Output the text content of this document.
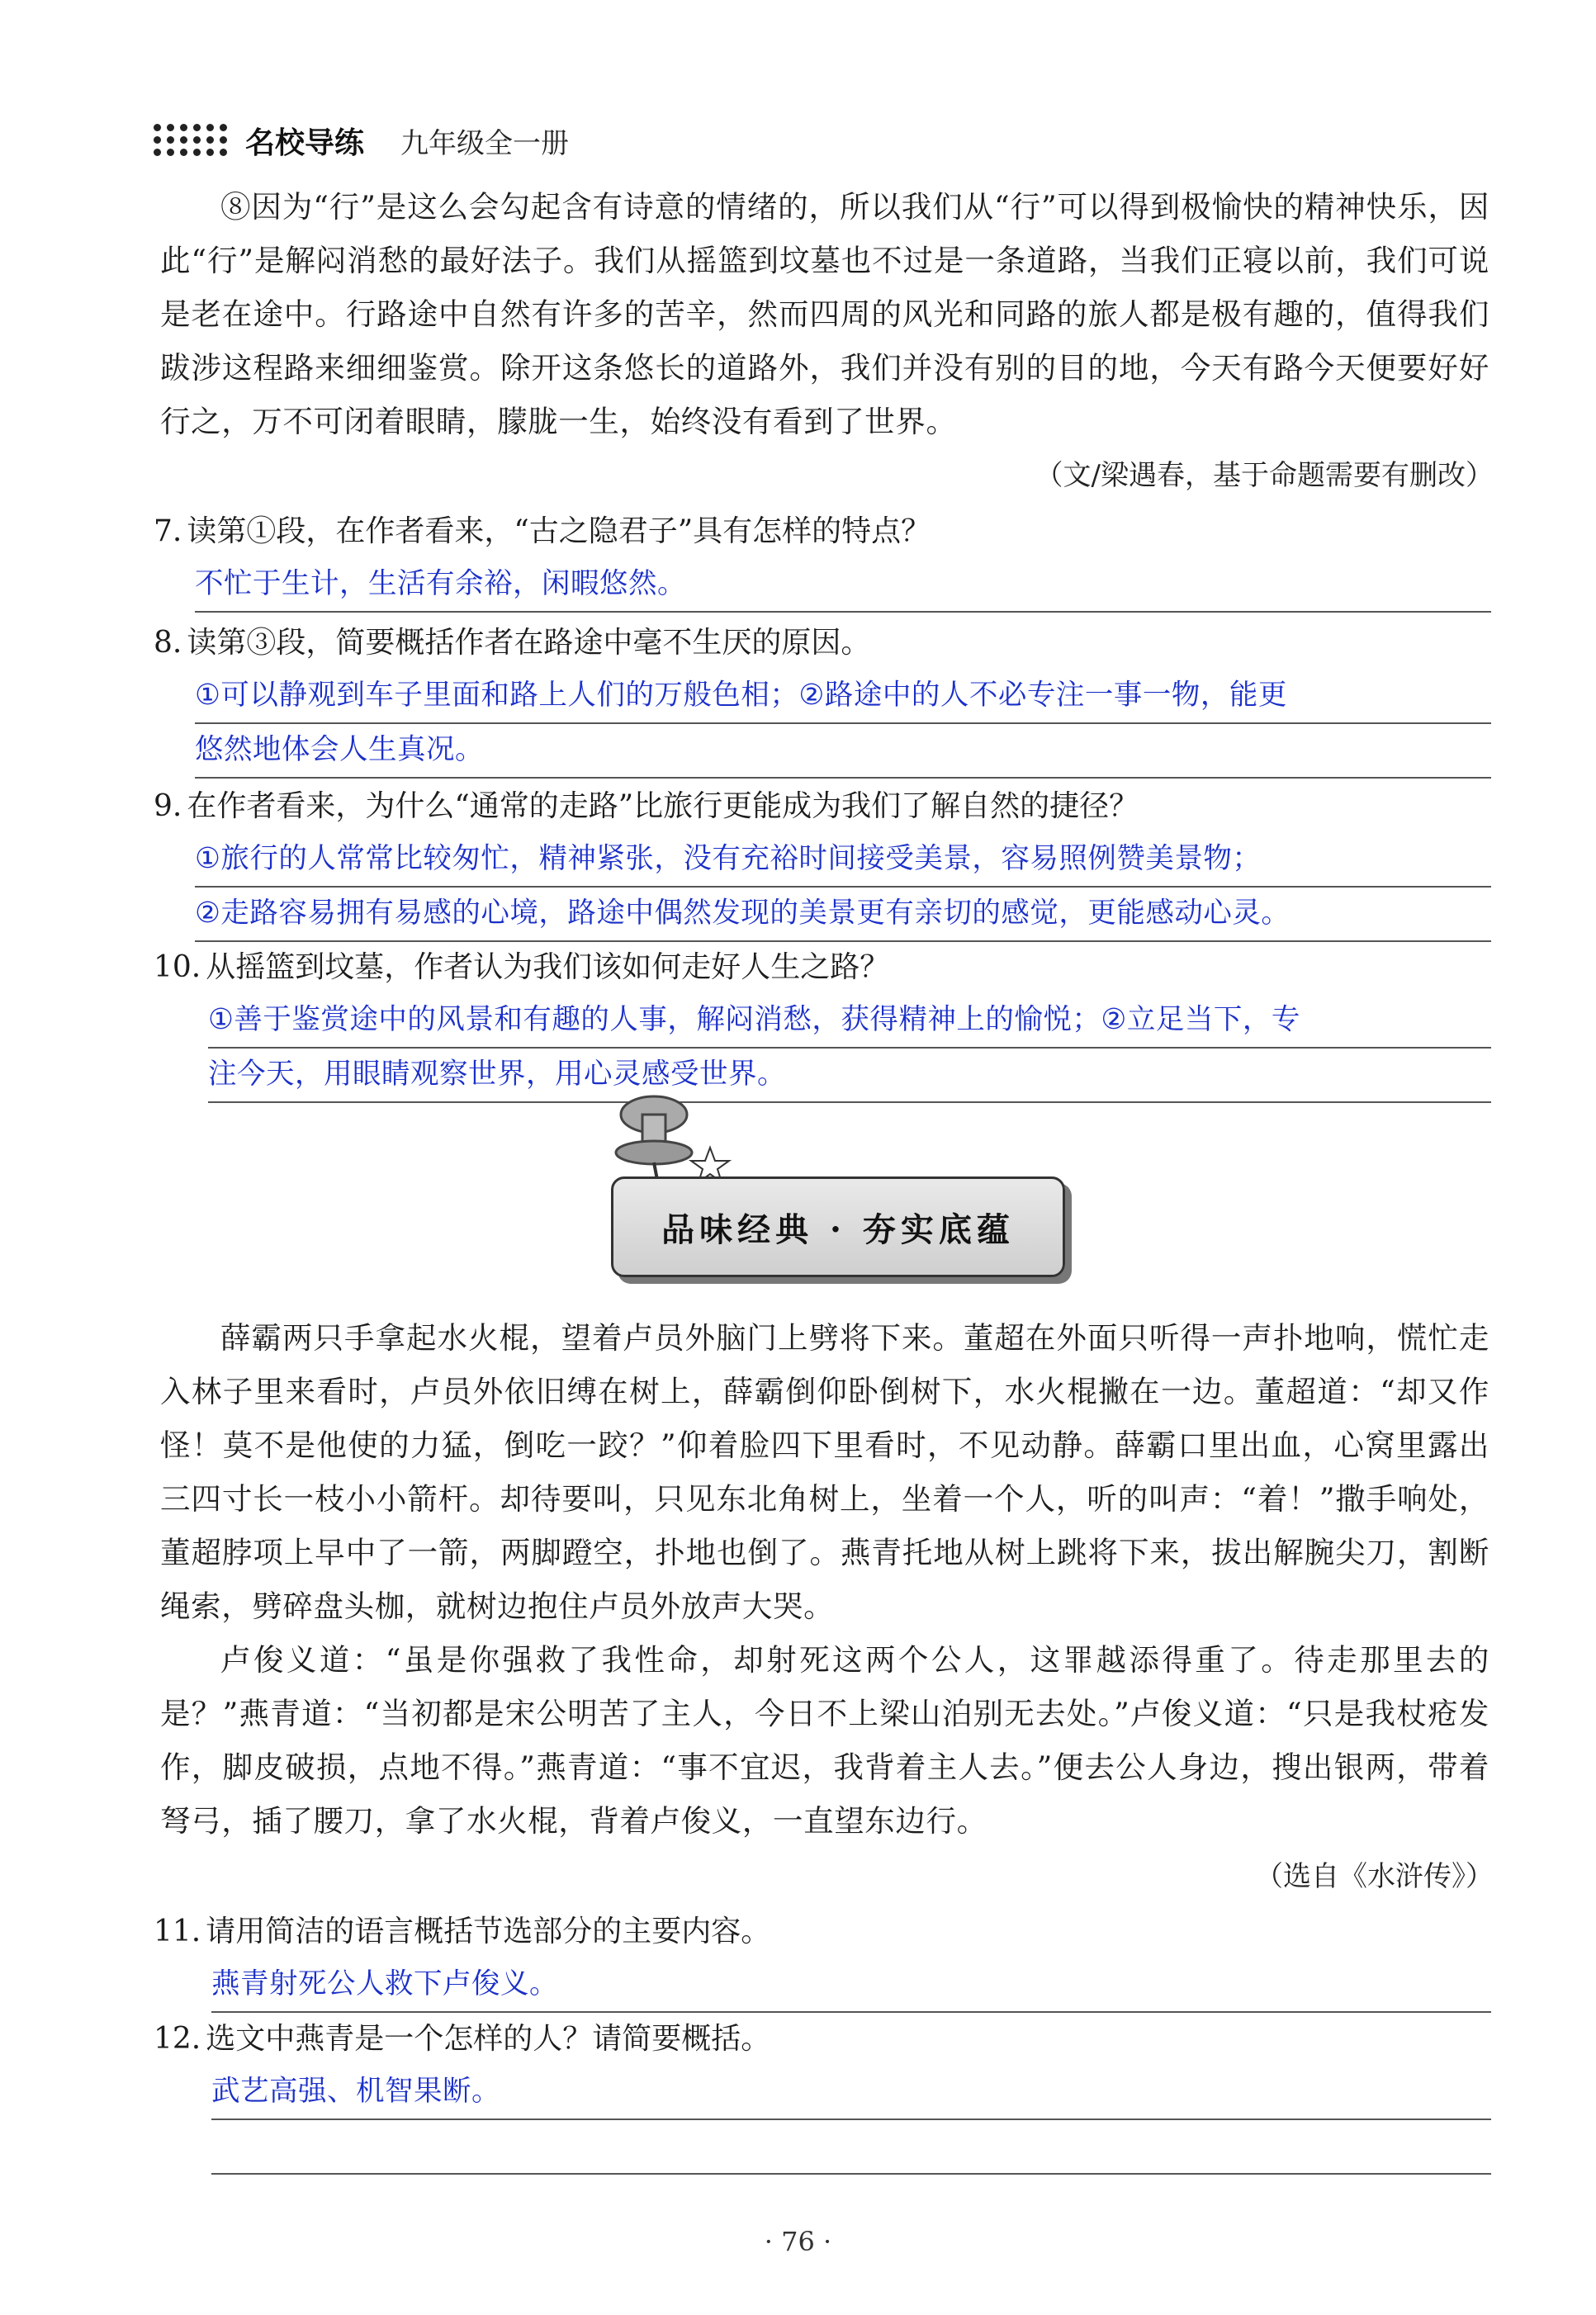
名校导练 九年级全一册

⑧因为“行”是这么会勾起含有诗意的情绪的，所以我们从“行”可以得到极愉快的精神快乐，因此“行”是解闷消愁的最好法子。我们从摇篮到坟墓也不过是一条道路，当我们正寝以前，我们可说是老在途中。行路途中自然有许多的苦辛，然而四周的风光和同路的旅人都是极有趣的，值得我们跋涉这程路来细细鉴赏。除开这条悠长的道路外，我们并没有别的目的地，今天有路今天便要好好行之，万不可闭着眼睛，朦胧一生，始终没有看到了世界。

（文/梁遇春，基于命题需要有删改）
7. 读第①段，在作者看来，“古之隐君子”具有怎样的特点？
不忙于生计，生活有余裕，闲暇悠然。
8. 读第③段，简要概括作者在路途中毫不生厌的原因。
①可以静观到车子里面和路上人们的万般色相；②路途中的人不必专注一事一物，能更
悠然地体会人生真况。
9. 在作者看来，为什么“通常的走路”比旅行更能成为我们了解自然的捷径？
①旅行的人常常比较匆忙，精神紧张，没有充裕时间接受美景，容易照例赞美景物；
②走路容易拥有易感的心境，路途中偶然发现的美景更有亲切的感觉，更能感动心灵。
10. 从摇篮到坟墓，作者认为我们该如何走好人生之路？
①善于鉴赏途中的风景和有趣的人事，解闷消愁，获得精神上的愉悦；②立足当下，专
注今天，用眼睛观察世界，用心灵感受世界。
品味经典 · 夯实底蕴

薛霸两只手拿起水火棍，望着卢员外脑门上劈将下来。董超在外面只听得一声扑地响，慌忙走入林子里来看时，卢员外依旧缚在树上，薛霸倒仰卧倒树下，水火棍撇在一边。董超道：“却又作怪！莫不是他使的力猛，倒吃一跤？”仰着脸四下里看时，不见动静。薛霸口里出血，心窝里露出三四寸长一枝小小箭杆。却待要叫，只见东北角树上，坐着一个人，听的叫声：“着！”撒手响处，董超脖项上早中了一箭，两脚蹬空，扑地也倒了。燕青托地从树上跳将下来，拔出解腕尖刀，割断绳索，劈碎盘头枷，就树边抱住卢员外放声大哭。

卢俊义道：“虽是你强救了我性命，却射死这两个公人，这罪越添得重了。待走那里去的是？”燕青道：“当初都是宋公明苦了主人，今日不上梁山泊别无去处。”卢俊义道：“只是我杖疮发作，脚皮破损，点地不得。”燕青道：“事不宜迟，我背着主人去。”便去公人身边，搜出银两，带着弩弓，插了腰刀，拿了水火棍，背着卢俊义，一直望东边行。

（选自《水浒传》）
11. 请用简洁的语言概括节选部分的主要内容。
燕青射死公人救下卢俊义。
12. 选文中燕青是一个怎样的人？请简要概括。
武艺高强、机智果断。
· 76 ·
